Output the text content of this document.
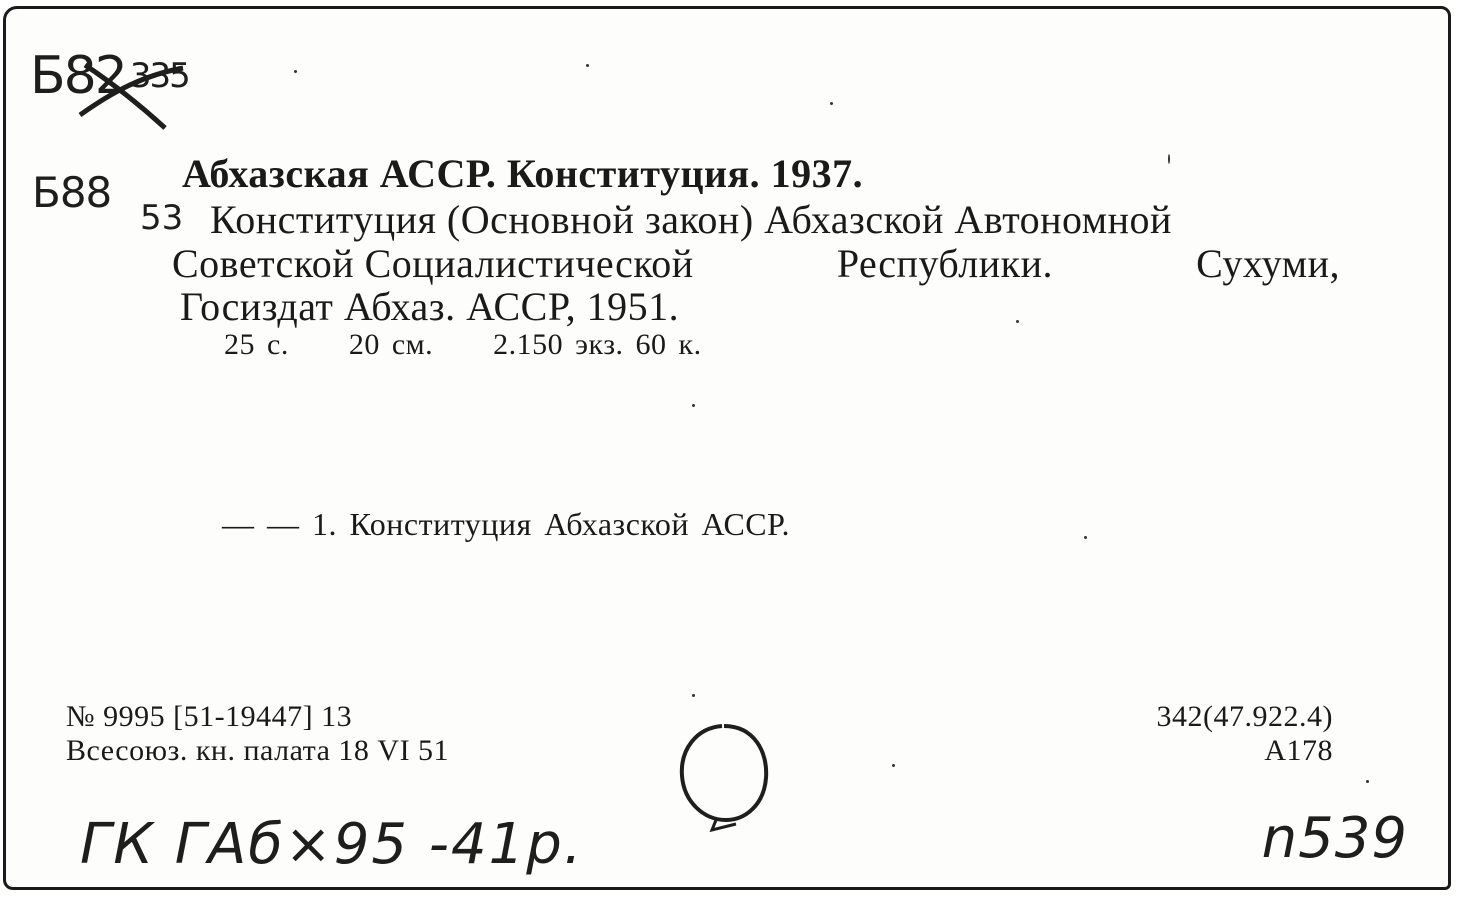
Б82 335
Б88
53
Абхазская АССР. Конституция. 1937.
Конституция (Основной закон) Абхазской Автономной
Советской Социалистической	Республики.	Сухуми,
Госиздат Абхаз. АССР, 1951.
25 с. 20 см. 2.150 экз. 60 к.
— — 1. Конституция Абхазской АССР.
№ 9995 [51-19447] 13
Всесоюз. кн. палата 18 VI 51
342(47.922.4)
А178
ГК ГАб×95 -41р.	n539
